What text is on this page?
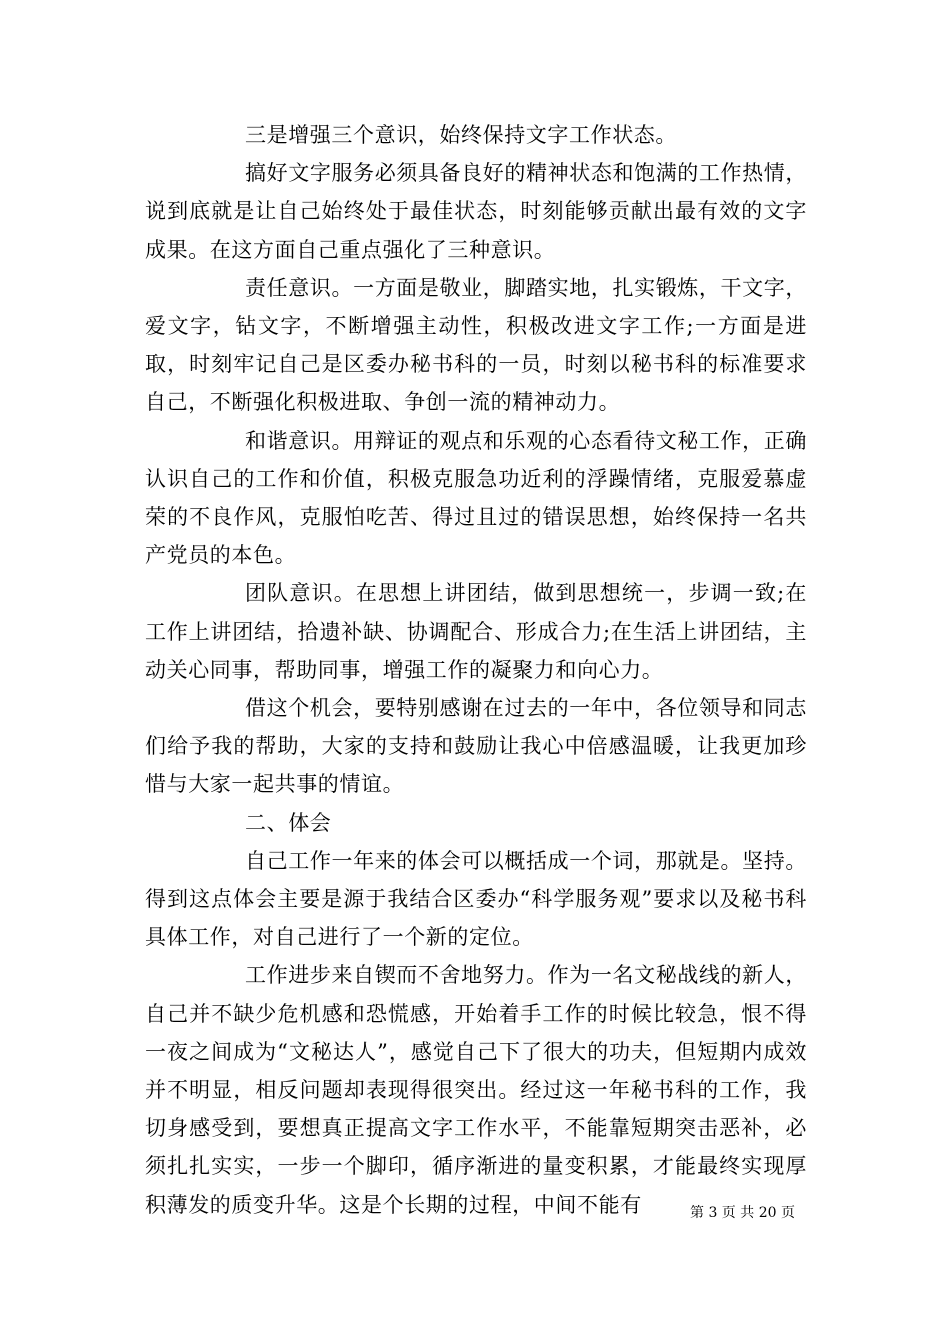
三是增强三个意识，始终保持文字工作状态。

搞好文字服务必须具备良好的精神状态和饱满的工作热情，说到底就是让自己始终处于最佳状态，时刻能够贡献出最有效的文字成果。在这方面自己重点强化了三种意识。

责任意识。一方面是敬业，脚踏实地，扎实锻炼，干文字，爱文字，钻文字，不断增强主动性，积极改进文字工作;一方面是进取，时刻牢记自己是区委办秘书科的一员，时刻以秘书科的标准要求自己，不断强化积极进取、争创一流的精神动力。

和谐意识。用辩证的观点和乐观的心态看待文秘工作，正确认识自己的工作和价值，积极克服急功近利的浮躁情绪，克服爱慕虚荣的不良作风，克服怕吃苦、得过且过的错误思想，始终保持一名共产党员的本色。

团队意识。在思想上讲团结，做到思想统一，步调一致;在工作上讲团结，拾遗补缺、协调配合、形成合力;在生活上讲团结，主动关心同事，帮助同事，增强工作的凝聚力和向心力。

借这个机会，要特别感谢在过去的一年中，各位领导和同志们给予我的帮助，大家的支持和鼓励让我心中倍感温暖，让我更加珍惜与大家一起共事的情谊。

二、体会

自己工作一年来的体会可以概括成一个词，那就是。坚持。得到这点体会主要是源于我结合区委办“科学服务观”要求以及秘书科具体工作，对自己进行了一个新的定位。

工作进步来自锲而不舍地努力。作为一名文秘战线的新人，自己并不缺少危机感和恐慌感，开始着手工作的时候比较急，恨不得一夜之间成为“文秘达人”，感觉自己下了很大的功夫，但短期内成效并不明显，相反问题却表现得很突出。经过这一年秘书科的工作，我切身感受到，要想真正提高文字工作水平，不能靠短期突击恶补，必须扎扎实实，一步一个脚印，循序渐进的量变积累，才能最终实现厚积薄发的质变升华。这是个长期的过程，中间不能有	第 3 页 共 20 页
